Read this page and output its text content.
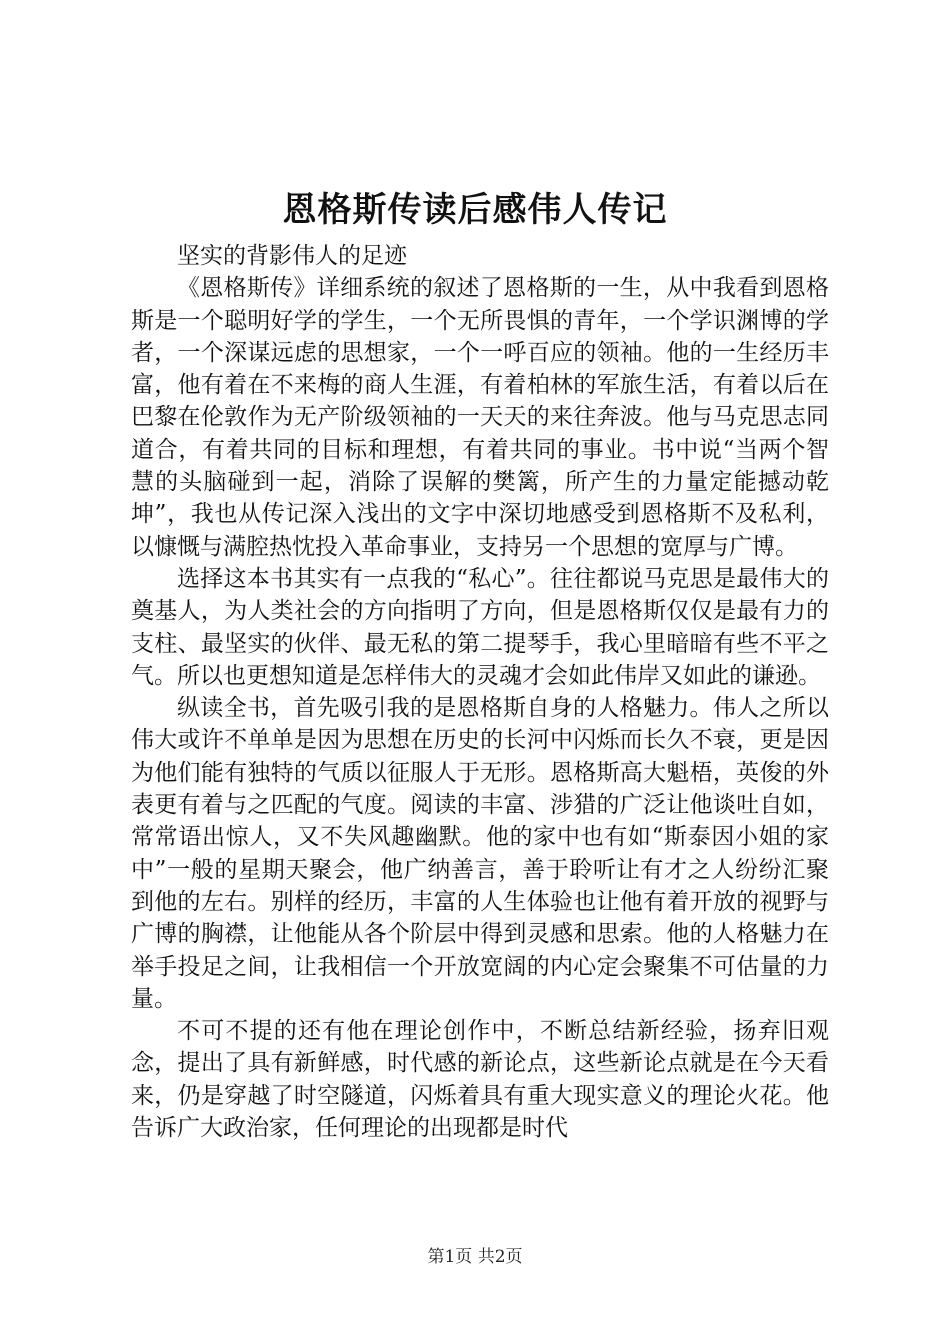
恩格斯传读后感伟人传记

坚实的背影伟人的足迹

《恩格斯传》详细系统的叙述了恩格斯的一生，从中我看到恩格斯是一个聪明好学的学生，一个无所畏惧的青年，一个学识渊博的学者，一个深谋远虑的思想家，一个一呼百应的领袖。他的一生经历丰富，他有着在不来梅的商人生涯，有着柏林的军旅生活，有着以后在巴黎在伦敦作为无产阶级领袖的一天天的来往奔波。他与马克思志同道合，有着共同的目标和理想，有着共同的事业。书中说“当两个智慧的头脑碰到一起，消除了误解的樊篱，所产生的力量定能撼动乾坤”，我也从传记深入浅出的文字中深切地感受到恩格斯不及私利，以慷慨与满腔热忱投入革命事业，支持另一个思想的宽厚与广博。

选择这本书其实有一点我的“私心”。往往都说马克思是最伟大的奠基人，为人类社会的方向指明了方向，但是恩格斯仅仅是最有力的支柱、最坚实的伙伴、最无私的第二提琴手，我心里暗暗有些不平之气。所以也更想知道是怎样伟大的灵魂才会如此伟岸又如此的谦逊。

纵读全书，首先吸引我的是恩格斯自身的人格魅力。伟人之所以伟大或许不单单是因为思想在历史的长河中闪烁而长久不衰，更是因为他们能有独特的气质以征服人于无形。恩格斯高大魁梧，英俊的外表更有着与之匹配的气度。阅读的丰富、涉猎的广泛让他谈吐自如，常常语出惊人，又不失风趣幽默。他的家中也有如“斯泰因小姐的家中”一般的星期天聚会，他广纳善言，善于聆听让有才之人纷纷汇聚到他的左右。别样的经历，丰富的人生体验也让他有着开放的视野与广博的胸襟，让他能从各个阶层中得到灵感和思索。他的人格魅力在举手投足之间，让我相信一个开放宽阔的内心定会聚集不可估量的力量。

不可不提的还有他在理论创作中，不断总结新经验，扬弃旧观念，提出了具有新鲜感，时代感的新论点，这些新论点就是在今天看来，仍是穿越了时空隧道，闪烁着具有重大现实意义的理论火花。他告诉广大政治家，任何理论的出现都是时代

第1页 共2页
